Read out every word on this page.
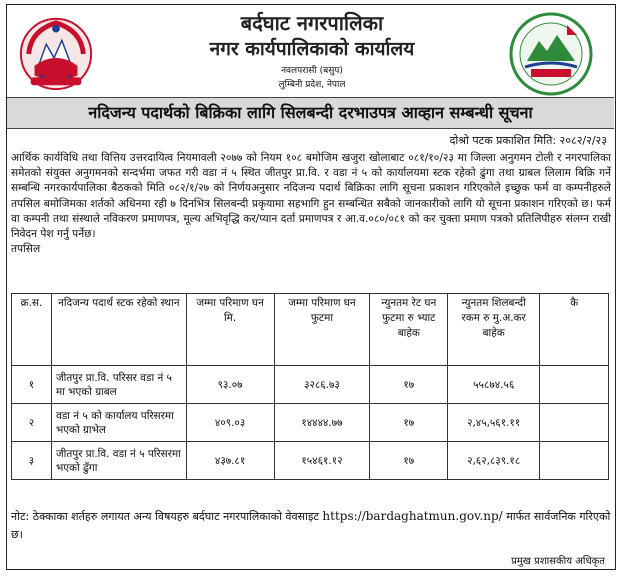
बर्दघाट नगरपालिका
नगर कार्यपालिकाको कार्यालय
नवलपरासी (बसुप)
लुम्बिनी प्रदेश, नेपाल
नदिजन्य पदार्थको बिक्रिका लागि सिलबन्दी दरभाउपत्र आव्हान सम्बन्धी सूचना
दोश्रो पटक प्रकाशित मिति: २०८२/२/२३
आर्थिक कार्यविधि तथा वित्तिय उत्तरदायित्व नियमावली २०७७ को नियम १०८ बमोजिम खजुरा खोलाबाट ०८१/१०/२३ मा जिल्ला अनुगमन टोली र नगरपालिका समेतको संयुक्त अनुगमनको सन्दर्भमा जफत गरी वडा नं ५ स्थित जीतपुर प्रा.वि. र वडा नं ५ को कार्यालयमा स्टक रहेको ढुंगा तथा ग्राबल लिलाम बिक्रि गर्ने सम्बन्धि नगरकार्यपालिका बैठकको मिति ०८२/१/२७ को निर्णयअनुसार नदिजन्य पदार्थ बिक्रिका लागि सूचना प्रकाशन गरिएकोले इच्छुक फर्म वा कम्पनीहरुले तपसिल बमोजिमका शर्तको अधिनमा रही ७ दिनभित्र सिलबन्दी प्रकृयामा सहभागि हुन सम्बन्धित सबैको जानकारीको लागि यो सूचना प्रकाशन गरिएको छ। फर्म वा कम्पनी तथा संस्थाले नविकरण प्रमाणपत्र, मूल्य अभिवृद्धि कर/प्यान दर्ता प्रमाणपत्र र आ.व.०८०/०८१ को कर चुक्ता प्रमाण पत्रको प्रतिलिपीहरु संलग्न राखी निवेदन पेश गर्नु पर्नेछ।
तपसिल
क्र.स.	नदिजन्य पदार्थ स्टक रहेको स्थान	जम्मा परिमाण घन मि.	जम्मा परिमाण घन फुटमा	न्युनतम रेट घन फुटमा रु भ्याट बाहेक	न्युनतम शिलबन्दी रकम रु मु.अ.कर बाहेक	कै
१	जीतपुर प्रा.वि. परिसर वडा नं ५ मा भएको ग्राबल	९३.०७	३२८६.७३	१७	५५८७४.५६	
२	वडा नं ५ को कार्यालय परिसरमा भएको ग्राभेल	४०९.०३	१४४४४.७७	१७	२,४५,५६१.११	
३	जीतपुर प्रा.वि. वडा नं ५ परिसरमा भएको ढुँगा	४३७.८१	१५४६१.१२	१७	२,६२,८३९.१८	
नोट: ठेक्काका शर्तहरु लगायत अन्य विषयहरु बर्दघाट नगरपालिकाको वेवसाइट https://bardaghatmun.gov.np/ मार्फत सार्वजनिक गरिएको छ।
प्रमुख प्रशासकीय अधिकृत
